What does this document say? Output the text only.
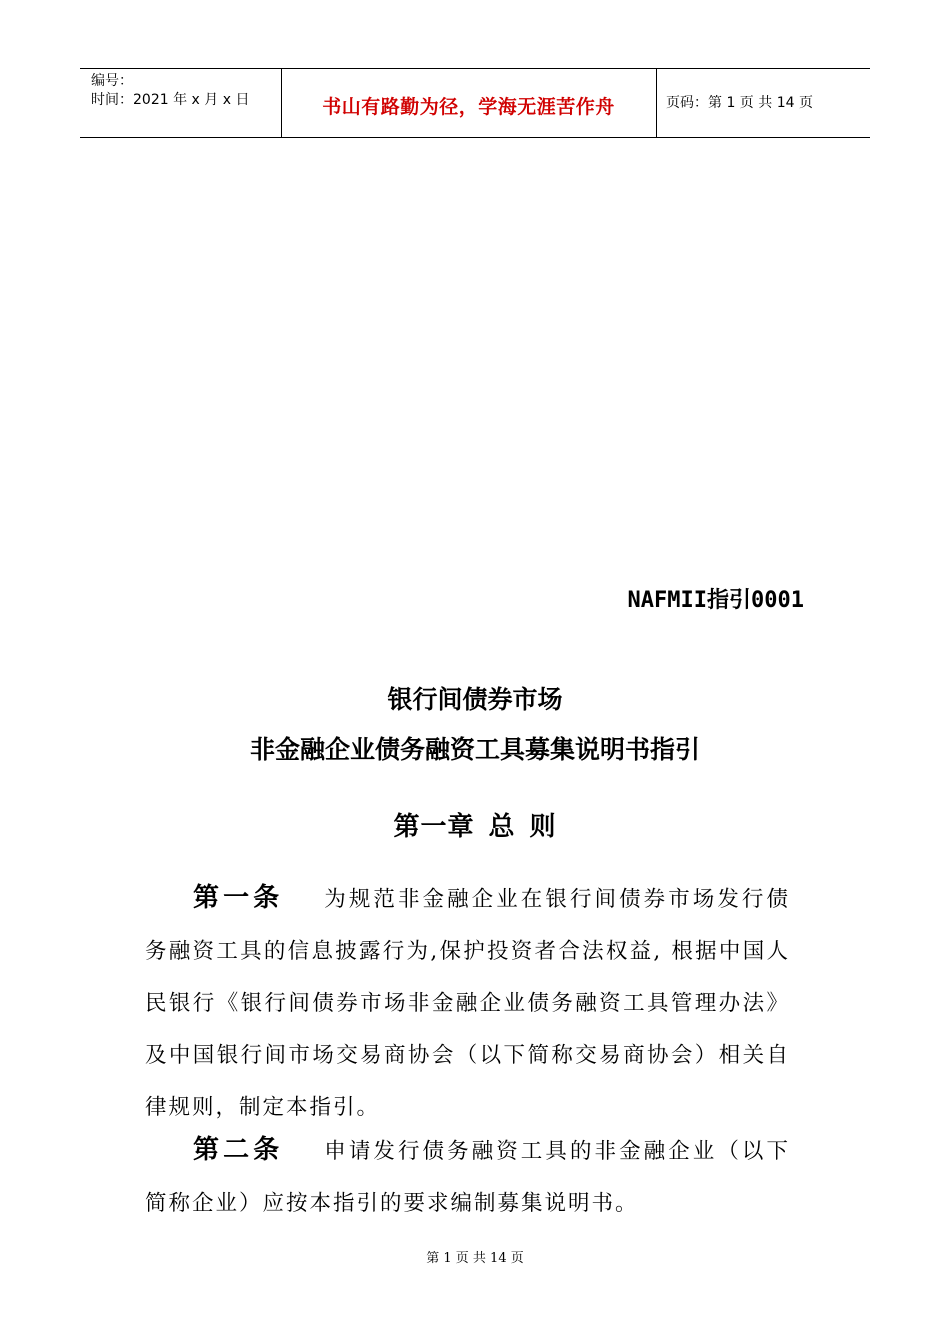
编号：
时间：2021 年 x 月 x 日	书山有路勤为径，学海无涯苦作舟	页码：第 1 页 共 14 页
NAFMII指引0001
银行间债券市场
非金融企业债务融资工具募集说明书指引
第一章 总 则
第一条 为规范非金融企业在银行间债券市场发行债务融资工具的信息披露行为,保护投资者合法权益, 根据中国人民银行《银行间债券市场非金融企业债务融资工具管理办法》及中国银行间市场交易商协会（以下简称交易商协会）相关自律规则，制定本指引。
第二条 申请发行债务融资工具的非金融企业（以下简称企业）应按本指引的要求编制募集说明书。
第 1 页 共 14 页
